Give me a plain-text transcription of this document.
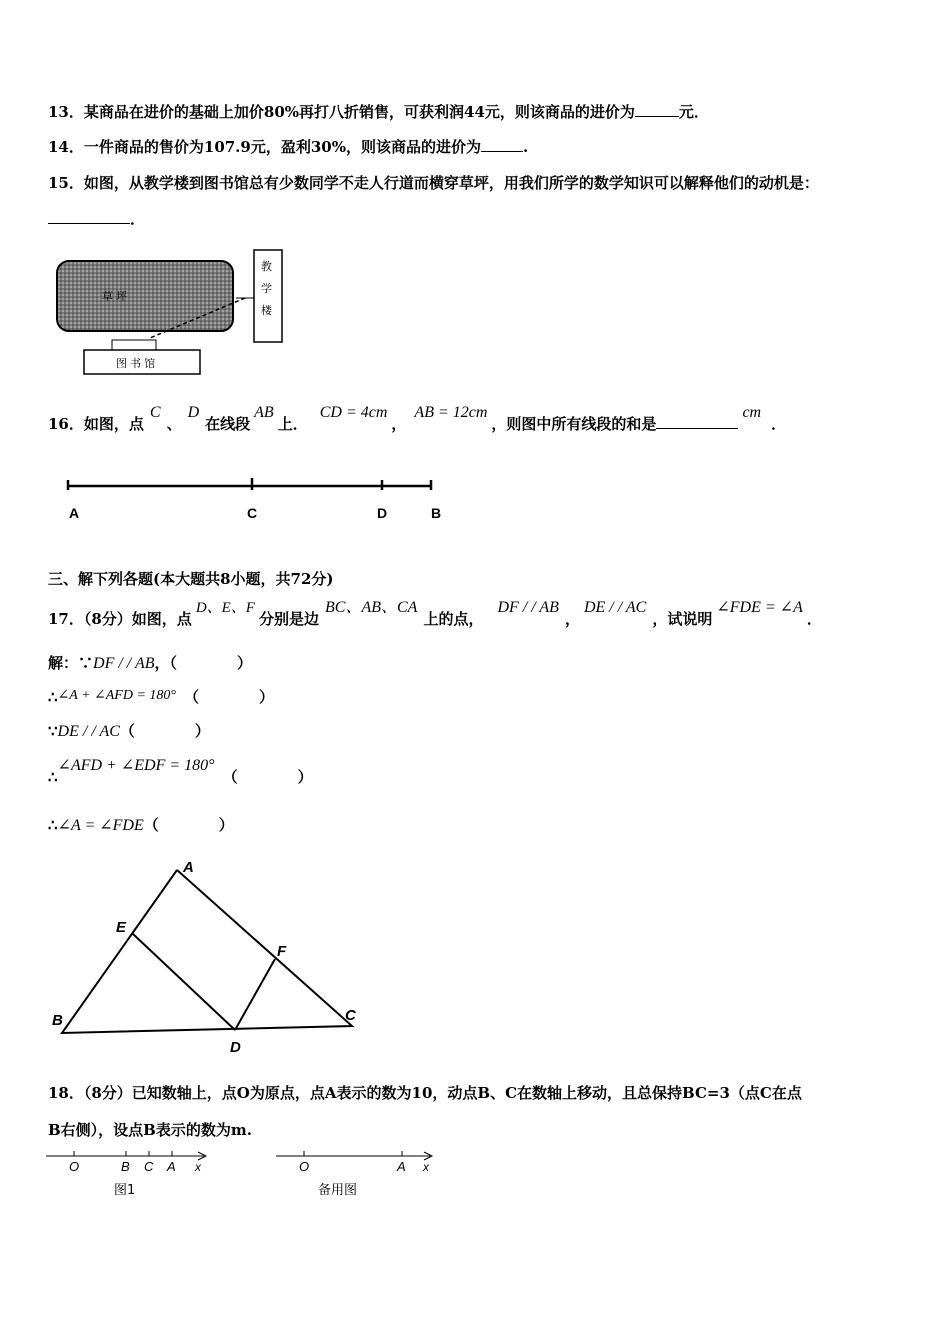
13．某商品在进价的基础上加价80%再打八折销售，可获利润44元，则该商品的进价为	元．
14．一件商品的售价为107.9元，盈利30%，则该商品的进价为	.
15．如图，从教学楼到图书馆总有少数同学不走人行道而横穿草坪，用我们所学的数学知识可以解释他们的动机是：
．
草 坪
教
学
楼
图 书 馆
16．如图，点C、D在线段AB上．CD = 4cm，AB = 12cm，则图中所有线段的和是cm．
A	C	D	B
三、解下列各题(本大题共8小题，共72分)
17．（8分）如图，点D、E、F分别是边BC、AB、CA上的点，DF / / AB，DE / / AC，试说明∠FDE = ∠A．
解：∵DF / / AB，（　　　　）
∴∠A + ∠AFD = 180° （　　　　）
∵DE / / AC（　　　　）
∴∠AFD + ∠EDF = 180°（　　　　）
∴∠A = ∠FDE（　　　　）
A
B	C
D
E
F
18．（8分）已知数轴上，点O为原点，点A表示的数为10，动点B、C在数轴上移动，且总保持BC=3（点C在点
B右侧），设点B表示的数为m.
O	B C A x
图1
O	A x
备用图
